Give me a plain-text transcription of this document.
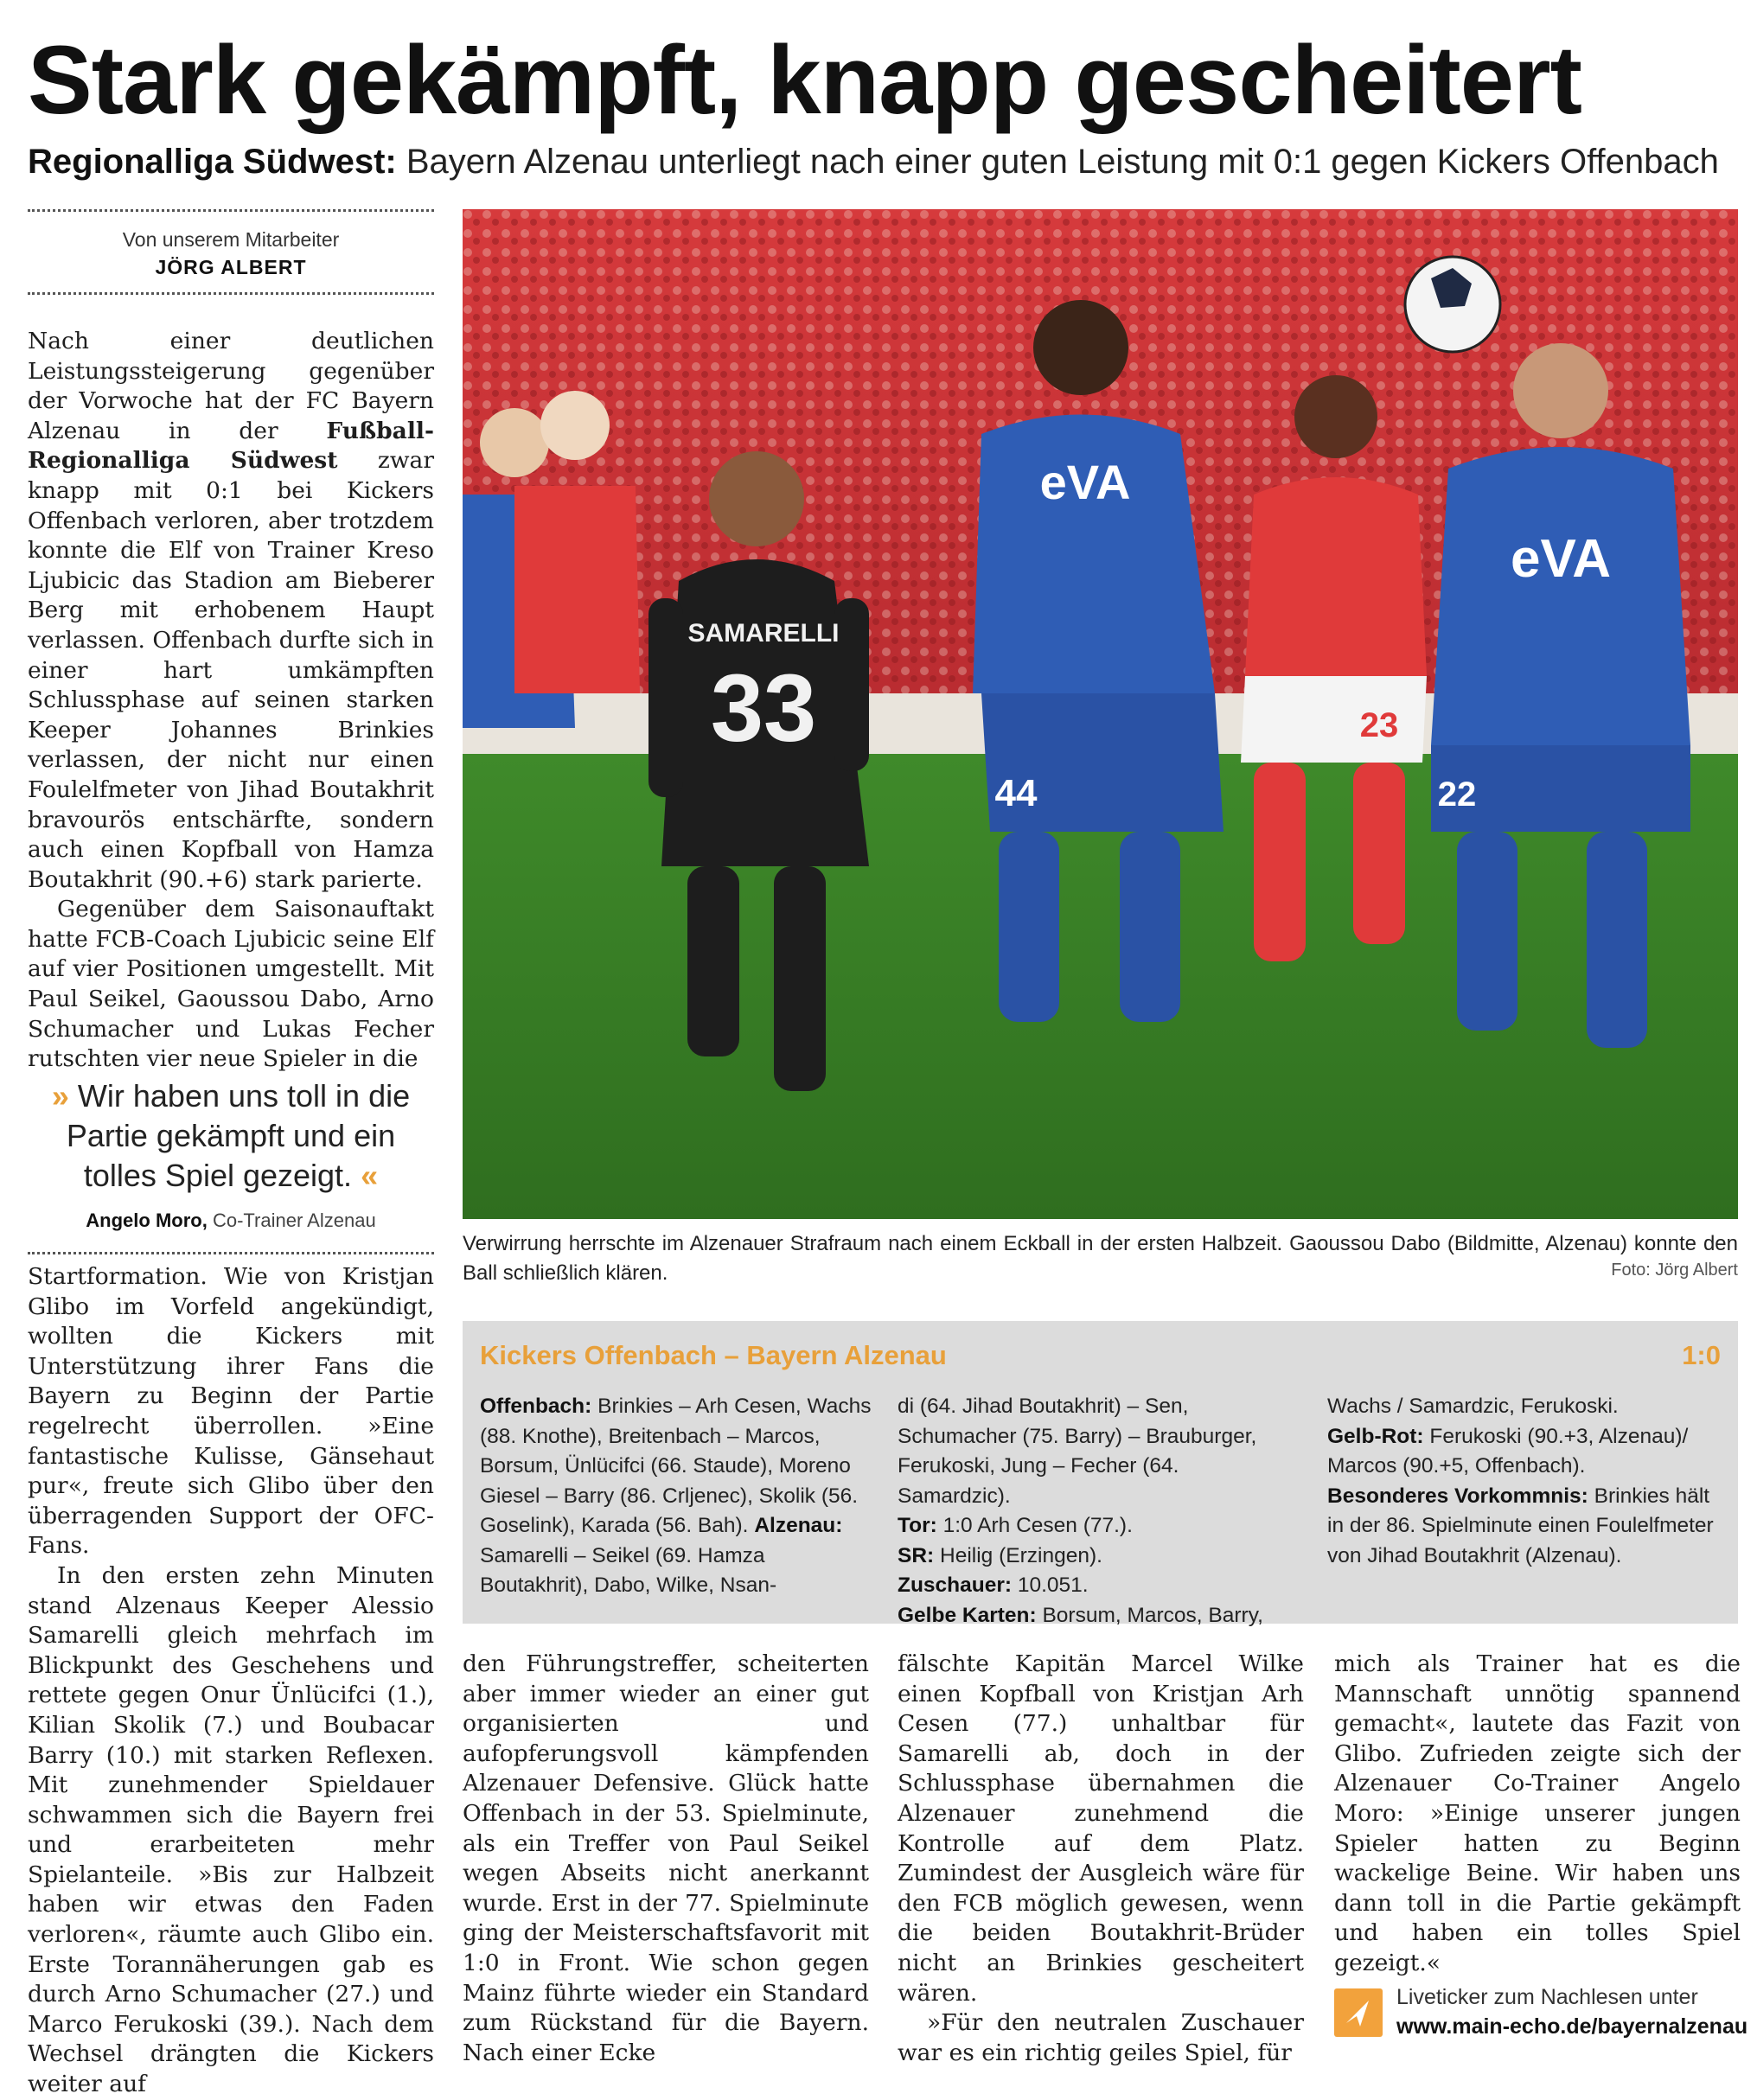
Stark gekämpft, knapp gescheitert
Regionalliga Südwest: Bayern Alzenau unterliegt nach einer guten Leistung mit 0:1 gegen Kickers Offenbach
Von unserem Mitarbeiter
JÖRG ALBERT

Nach einer deutlichen Leistungssteigerung gegenüber der Vorwoche hat der FC Bayern Alzenau in der Fußball-Regionalliga Südwest zwar knapp mit 0:1 bei Kickers Offenbach verloren, aber trotzdem konnte die Elf von Trainer Kreso Ljubicic das Stadion am Bieberer Berg mit erhobenem Haupt verlassen. Offenbach durfte sich in einer hart umkämpften Schlussphase auf seinen starken Keeper Johannes Brinkies verlassen, der nicht nur einen Foulelfmeter von Jihad Boutakhrit bravourös entschärfte, sondern auch einen Kopfball von Hamza Boutakhrit (90.+6) stark parierte.

Gegenüber dem Saisonauftakt hatte FCB-Coach Ljubicic seine Elf auf vier Positionen umgestellt. Mit Paul Seikel, Gaoussou Dabo, Arno Schumacher und Lukas Fecher rutschten vier neue Spieler in die

» Wir haben uns toll in die Partie gekämpft und ein tolles Spiel gezeigt. «
Angelo Moro, Co-Trainer Alzenau

Startformation. Wie von Kristjan Glibo im Vorfeld angekündigt, wollten die Kickers mit Unterstützung ihrer Fans die Bayern zu Beginn der Partie regelrecht überrollen. »Eine fantastische Kulisse, Gänsehaut pur«, freute sich Glibo über den überragenden Support der OFC-Fans.

In den ersten zehn Minuten stand Alzenaus Keeper Alessio Samarelli gleich mehrfach im Blickpunkt des Geschehens und rettete gegen Onur Ünlücifci (1.), Kilian Skolik (7.) und Boubacar Barry (10.) mit starken Reflexen. Mit zunehmender Spieldauer schwammen sich die Bayern frei und erarbeiteten mehr Spielanteile. »Bis zur Halbzeit haben wir etwas den Faden verloren«, räumte auch Glibo ein. Erste Torannäherungen gab es durch Arno Schumacher (27.) und Marco Ferukoski (39.). Nach dem Wechsel drängten die Kickers weiter auf

SAMARELLI
33
eVA
44
23
eVA
22
Verwirrung herrschte im Alzenauer Strafraum nach einem Eckball in der ersten Halbzeit. Gaoussou Dabo (Bildmitte, Alzenau) konnte den Ball schließlich klären.	Foto: Jörg Albert
Kickers Offenbach – Bayern Alzenau	1:0
Offenbach: Brinkies – Arh Cesen, Wachs (88. Knothe), Breitenbach – Marcos, Borsum, Ünlücifci (66. Staude), Moreno Giesel – Barry (86. Crljenec), Skolik (56. Goselink), Karada (56. Bah). Alzenau: Samarelli – Seikel (69. Hamza Boutakhrit), Dabo, Wilke, Nsan-
di (64. Jihad Boutakhrit) – Sen, Schumacher (75. Barry) – Brauburger, Ferukoski, Jung – Fecher (64. Samardzic).
Tor: 1:0 Arh Cesen (77.).
SR: Heilig (Erzingen).
Zuschauer: 10.051.
Gelbe Karten: Borsum, Marcos, Barry,
Wachs / Samardzic, Ferukoski.
Gelb-Rot: Ferukoski (90.+3, Alzenau)/ Marcos (90.+5, Offenbach).
Besonderes Vorkommnis: Brinkies hält in der 86. Spielminute einen Foulelfmeter von Jihad Boutakhrit (Alzenau).

den Führungstreffer, scheiterten aber immer wieder an einer gut organisierten und aufopferungsvoll kämpfenden Alzenauer Defensive. Glück hatte Offenbach in der 53. Spielminute, als ein Treffer von Paul Seikel wegen Abseits nicht anerkannt wurde. Erst in der 77. Spielminute ging der Meisterschaftsfavorit mit 1:0 in Front. Wie schon gegen Mainz führte wieder ein Standard zum Rückstand für die Bayern. Nach einer Ecke

fälschte Kapitän Marcel Wilke einen Kopfball von Kristjan Arh Cesen (77.) unhaltbar für Samarelli ab, doch in der Schlussphase übernahmen die Alzenauer zunehmend die Kontrolle auf dem Platz. Zumindest der Ausgleich wäre für den FCB möglich gewesen, wenn die beiden Boutakhrit-Brüder nicht an Brinkies gescheitert wären.

»Für den neutralen Zuschauer war es ein richtig geiles Spiel, für

mich als Trainer hat es die Mannschaft unnötig spannend gemacht«, lautete das Fazit von Glibo. Zufrieden zeigte sich der Alzenauer Co-Trainer Angelo Moro: »Einige unserer jungen Spieler hatten zu Beginn wackelige Beine. Wir haben uns dann toll in die Partie gekämpft und haben ein tolles Spiel gezeigt.«

Liveticker zum Nachlesen unter
www.main-echo.de/bayernalzenau
